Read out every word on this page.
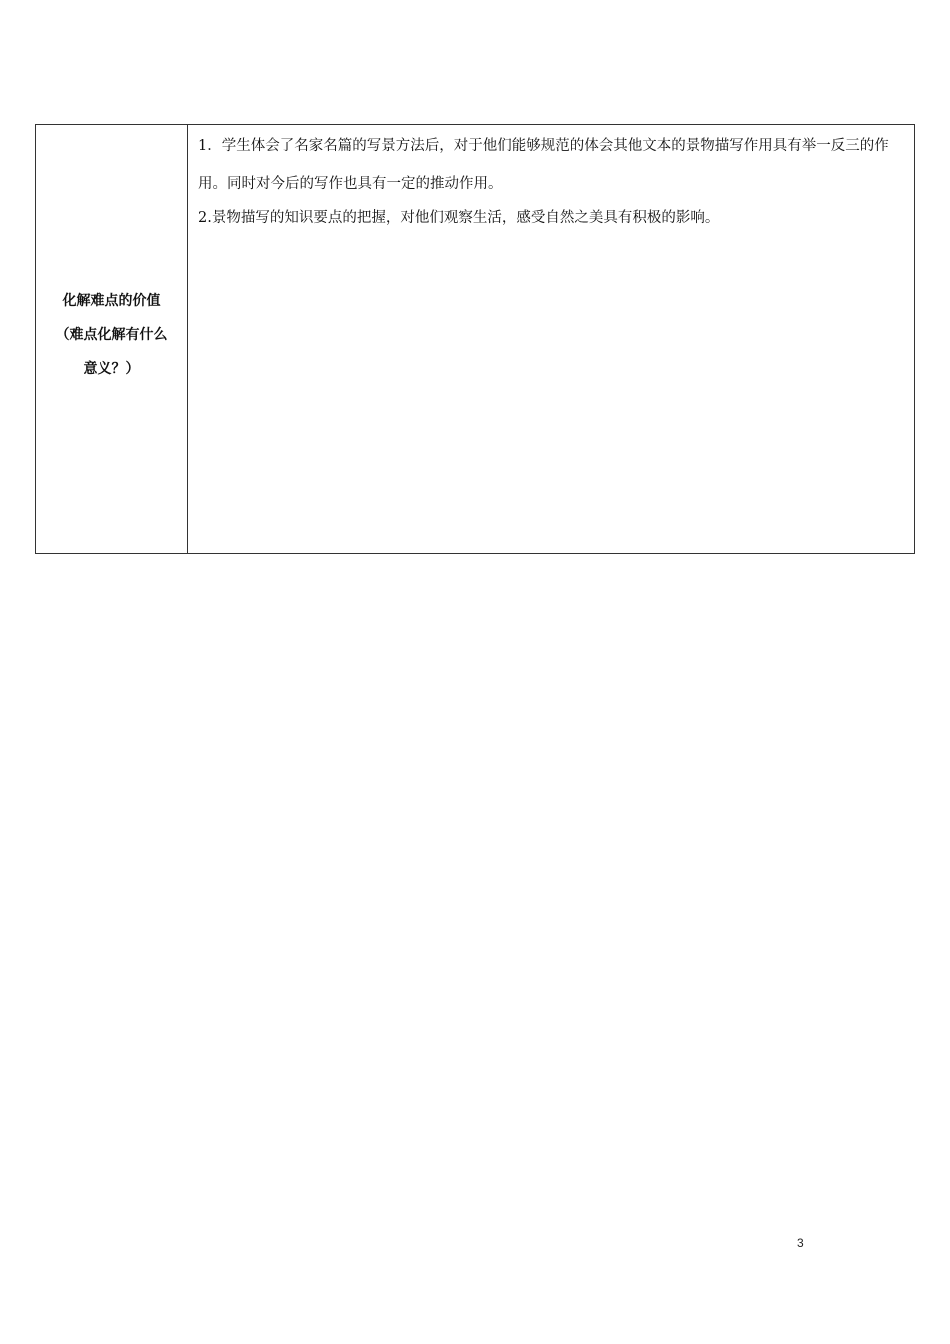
化解难点的价值
（难点化解有什么
意义？）

1．学生体会了名家名篇的写景方法后，对于他们能够规范的体会其他文本的景物描写作用具有举一反三的作用。同时对今后的写作也具有一定的推动作用。

2.景物描写的知识要点的把握，对他们观察生活，感受自然之美具有积极的影响。

3
